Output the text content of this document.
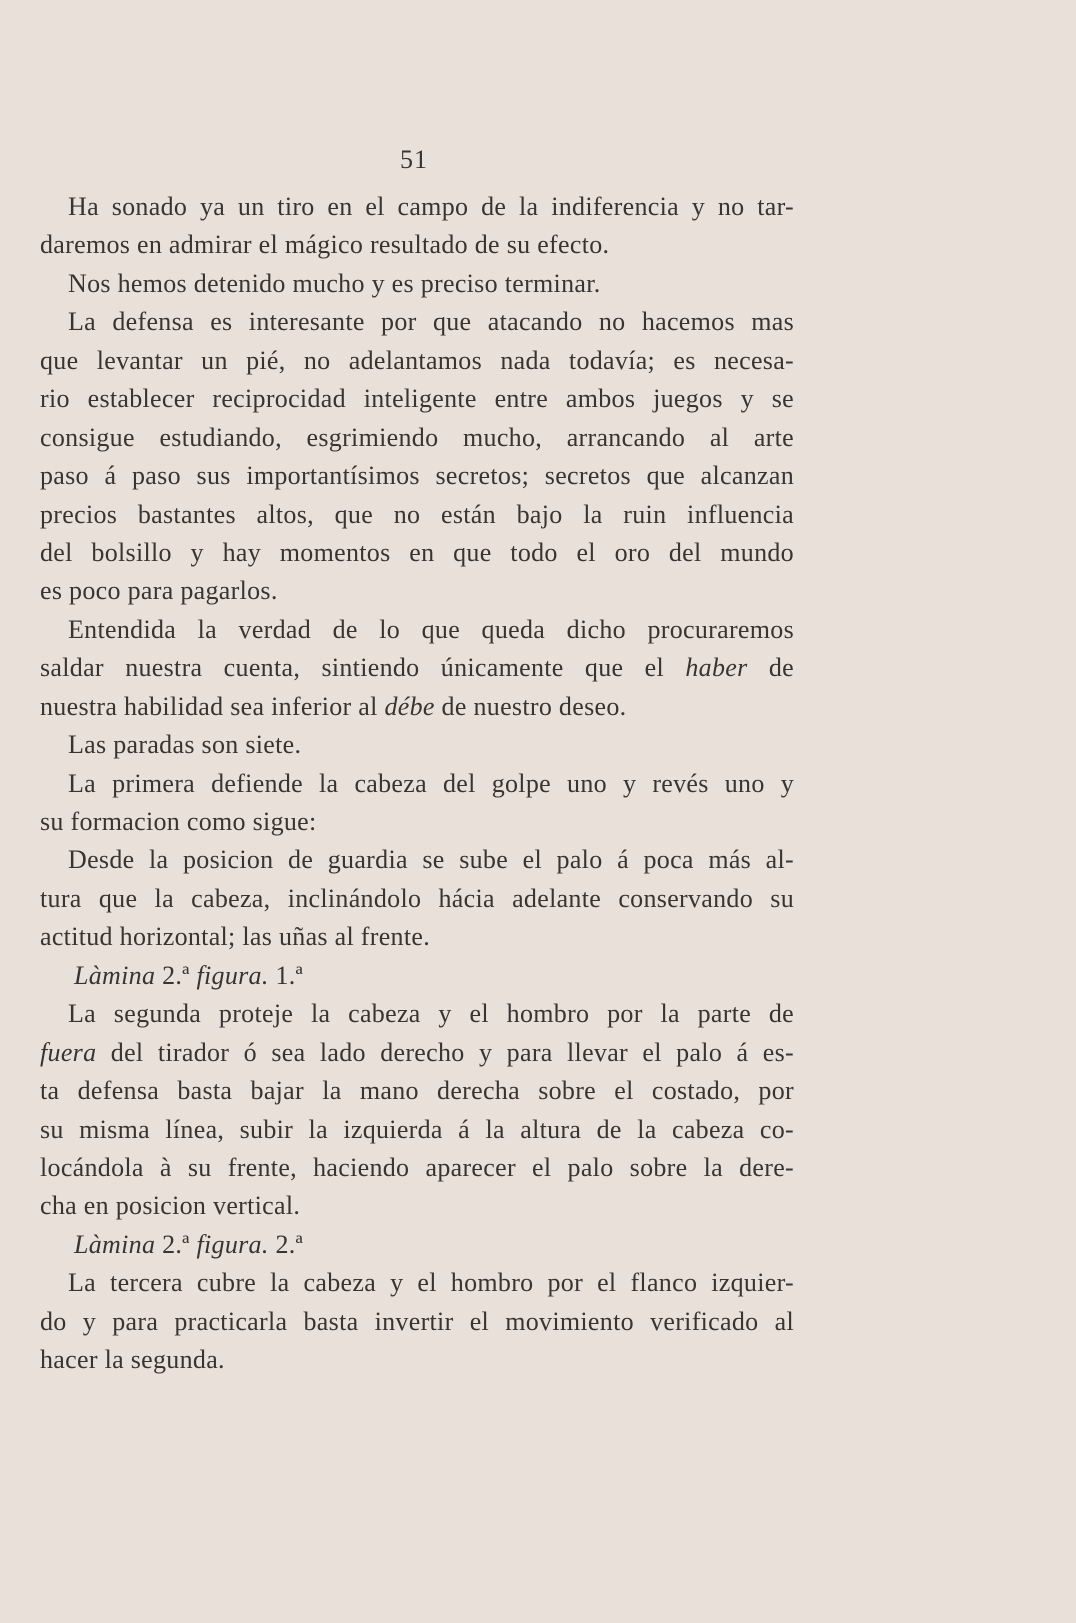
51
Ha sonado ya un tiro en el campo de la indiferencia y no tar-
daremos en admirar el mágico resultado de su efecto.
Nos hemos detenido mucho y es preciso terminar.
La defensa es interesante por que atacando no hacemos mas
que levantar un pié, no adelantamos nada todavía; es necesa-
rio establecer reciprocidad inteligente entre ambos juegos y se
consigue estudiando, esgrimiendo mucho, arrancando al arte
paso á paso sus importantísimos secretos; secretos que alcanzan
precios bastantes altos, que no están bajo la ruin influencia
del bolsillo y hay momentos en que todo el oro del mundo
es poco para pagarlos.
Entendida la verdad de lo que queda dicho procuraremos
saldar nuestra cuenta, sintiendo únicamente que el haber de
nuestra habilidad sea inferior al débe de nuestro deseo.
Las paradas son siete.
La primera defiende la cabeza del golpe uno y revés uno y
su formacion como sigue:
Desde la posicion de guardia se sube el palo á poca más al-
tura que la cabeza, inclinándolo hácia adelante conservando su
actitud horizontal; las uñas al frente.
Làmina 2.ª figura. 1.ª
La segunda proteje la cabeza y el hombro por la parte de
fuera del tirador ó sea lado derecho y para llevar el palo á es-
ta defensa basta bajar la mano derecha sobre el costado, por
su misma línea, subir la izquierda á la altura de la cabeza co-
locándola à su frente, haciendo aparecer el palo sobre la dere-
cha en posicion vertical.
Làmina 2.ª figura. 2.ª
La tercera cubre la cabeza y el hombro por el flanco izquier-
do y para practicarla basta invertir el movimiento verificado al
hacer la segunda.
